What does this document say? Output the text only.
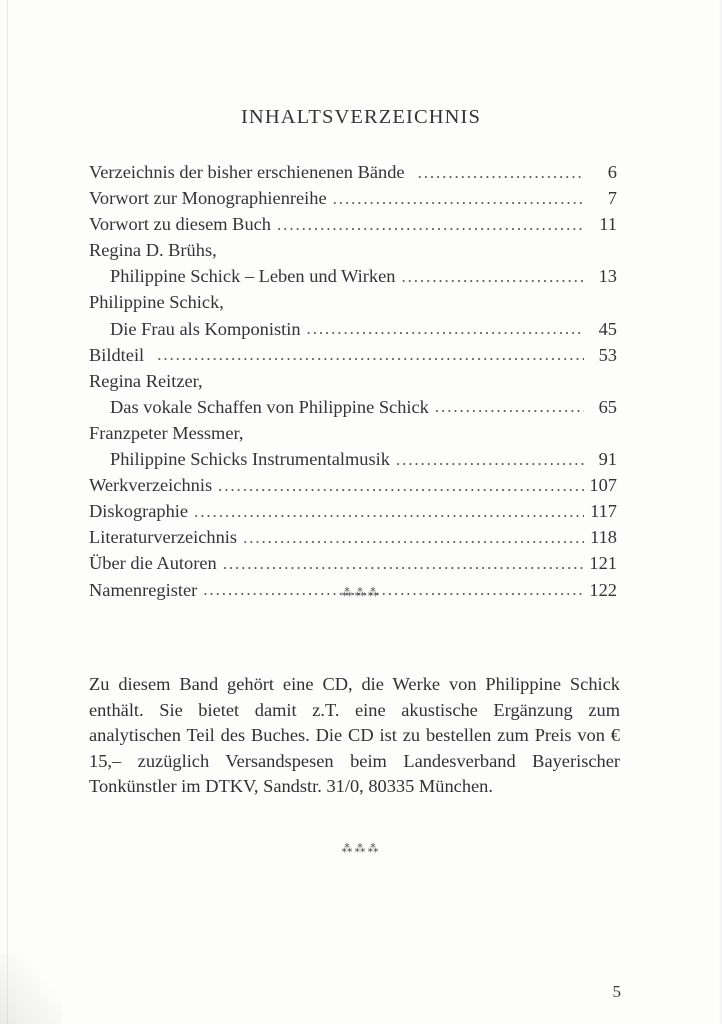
INHALTSVERZEICHNIS
Verzeichnis der bisher erschienenen Bände .....	6
Vorwort zur Monographienreihe .....	7
Vorwort zu diesem Buch .....	11
Regina D. Brühs,
Philippine Schick – Leben und Wirken .....	13
Philippine Schick,
Die Frau als Komponistin .....	45
Bildteil .....	53
Regina Reitzer,
Das vokale Schaffen von Philippine Schick .....	65
Franzpeter Messmer,
Philippine Schicks Instrumentalmusik .....	91
Werkverzeichnis .....	107
Diskographie .....	117
Literaturverzeichnis .....	118
Über die Autoren .....	121
Namenregister .....	122
⁂⁂⁂

Zu diesem Band gehört eine CD, die Werke von Philippine Schick enthält. Sie bietet damit z.T. eine akustische Ergänzung zum analytischen Teil des Buches. Die CD ist zu bestellen zum Preis von € 15,– zuzüglich Versandspesen beim Landesverband Bayerischer Tonkünstler im DTKV, Sandstr. 31/0, 80335 München.

⁂⁂⁂
5
